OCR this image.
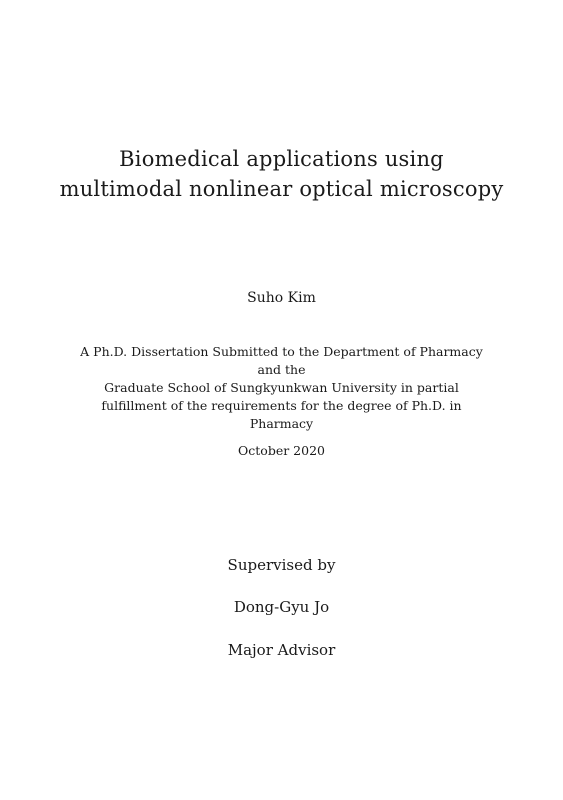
Biomedical applications using
multimodal nonlinear optical microscopy
Suho Kim
A Ph.D. Dissertation Submitted to the Department of Pharmacy and the
Graduate School of Sungkyunkwan University in partial
fulfillment of the requirements for the degree of Ph.D. in
Pharmacy
October 2020
Supervised by
Dong-Gyu Jo
Major Advisor
